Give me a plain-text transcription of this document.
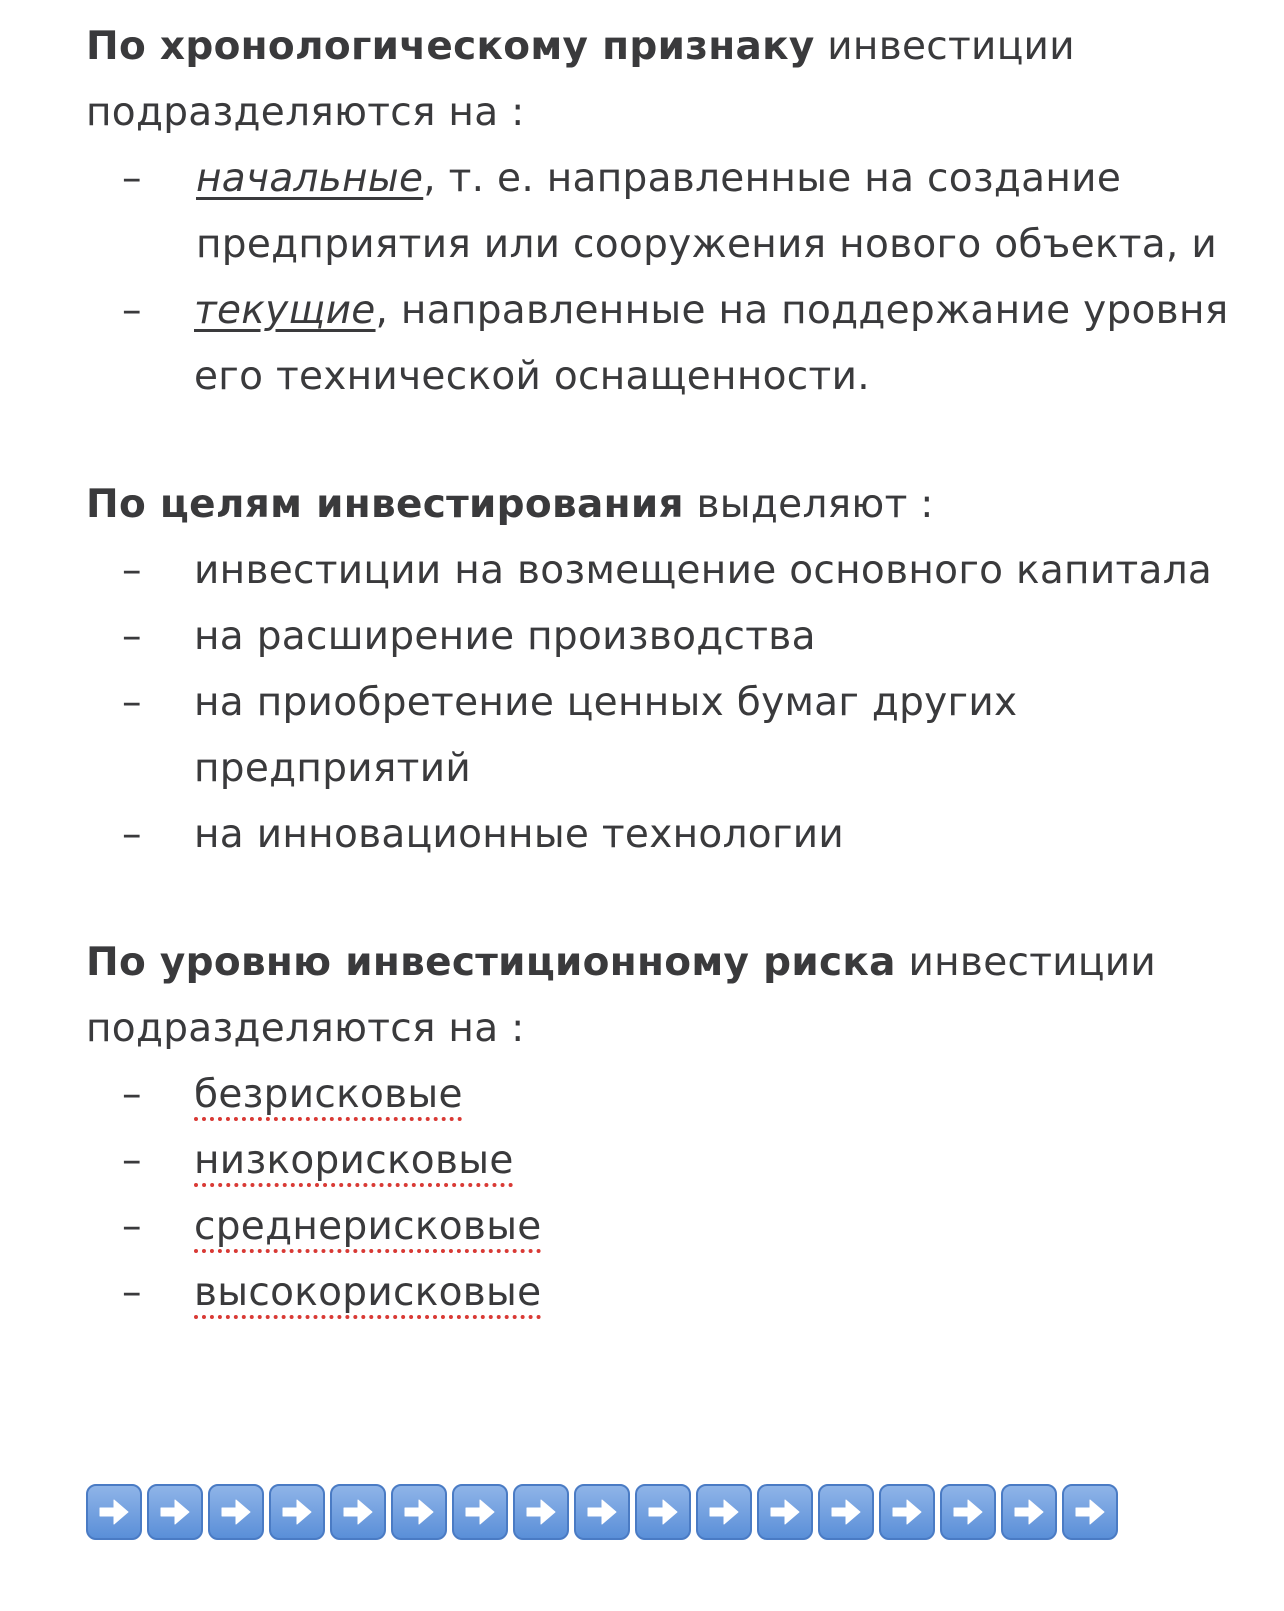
По хронологическому признаку инвестиции подразделяются на :

– начальные, т. е. направленные на создание предприятия или сооружения нового объекта, и
– текущие, направленные на поддержание уровня его технической оснащенности.

По целям инвестирования выделяют :

– инвестиции на возмещение основного капитала
– на расширение производства
– на приобретение ценных бумаг других предприятий
– на инновационные технологии

По уровню инвестиционному риска инвестиции подразделяются на :

– безрисковые
– низкорисковые
– среднерисковые
– высокорисковые
